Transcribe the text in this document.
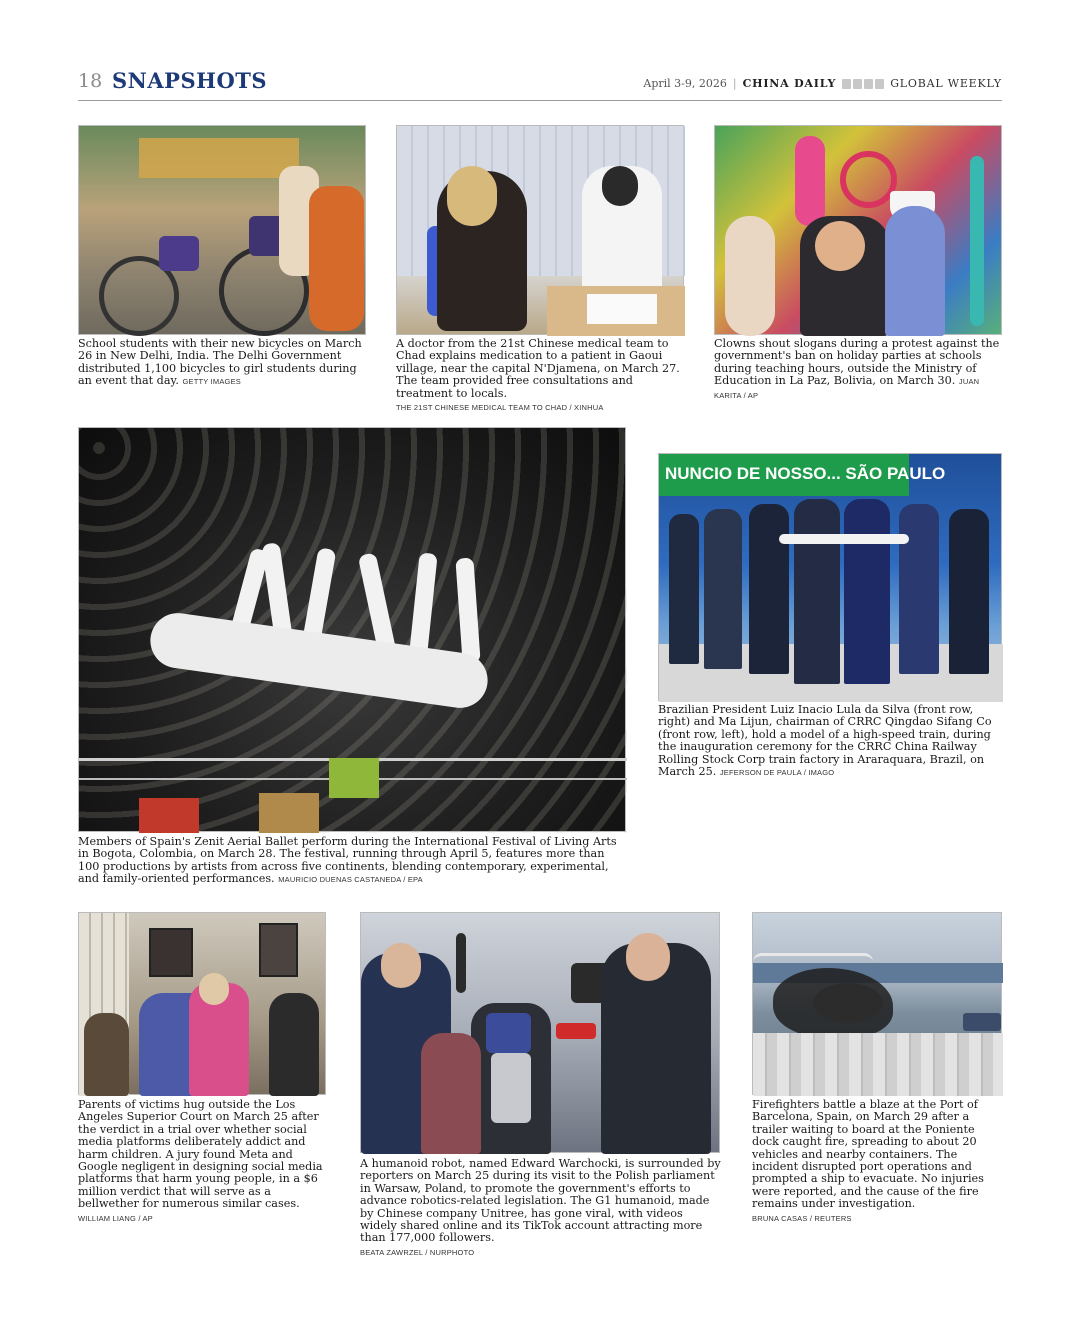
18 SNAPSHOTS	April 3-9, 2026 | CHINA DAILY	GLOBAL WEEKLY
School students with their new bicycles on March 26 in New Delhi, India. The Delhi Government distributed 1,100 bicycles to girl students during an event that day. GETTY IMAGES
A doctor from the 21st Chinese medical team to Chad explains medication to a patient in Gaoui village, near the capital N'Djamena, on March 27. The team provided free consultations and treatment to locals.
THE 21ST CHINESE MEDICAL TEAM TO CHAD / XINHUA
Clowns shout slogans during a protest against the government's ban on holiday parties at schools during teaching hours, outside the Ministry of Education in La Paz, Bolivia, on March 30. JUAN KARITA / AP
Members of Spain's Zenit Aerial Ballet perform during the International Festival of Living Arts in Bogota, Colombia, on March 28. The festival, running through April 5, features more than 100 productions by artists from across five continents, blending contemporary, experimental, and family-oriented performances. MAURICIO DUENAS CASTANEDA / EPA
NUNCIO DE NOSSO... SÃO PAULO
Brazilian President Luiz Inacio Lula da Silva (front row, right) and Ma Lijun, chairman of CRRC Qingdao Sifang Co (front row, left), hold a model of a high-speed train, during the inauguration ceremony for the CRRC China Railway Rolling Stock Corp train factory in Araraquara, Brazil, on March 25. JEFERSON DE PAULA / IMAGO
Parents of victims hug outside the Los Angeles Superior Court on March 25 after the verdict in a trial over whether social media platforms deliberately addict and harm children. A jury found Meta and Google negligent in designing social media platforms that harm young people, in a $6 million verdict that will serve as a bellwether for numerous similar cases.
WILLIAM LIANG / AP
A humanoid robot, named Edward Warchocki, is surrounded by reporters on March 25 during its visit to the Polish parliament in Warsaw, Poland, to promote the government's efforts to advance robotics-related legislation. The G1 humanoid, made by Chinese company Unitree, has gone viral, with videos widely shared online and its TikTok account attracting more than 177,000 followers.
BEATA ZAWRZEL / NURPHOTO
Firefighters battle a blaze at the Port of Barcelona, Spain, on March 29 after a trailer waiting to board at the Poniente dock caught fire, spreading to about 20 vehicles and nearby containers. The incident disrupted port operations and prompted a ship to evacuate. No injuries were reported, and the cause of the fire remains under investigation.
BRUNA CASAS / REUTERS
